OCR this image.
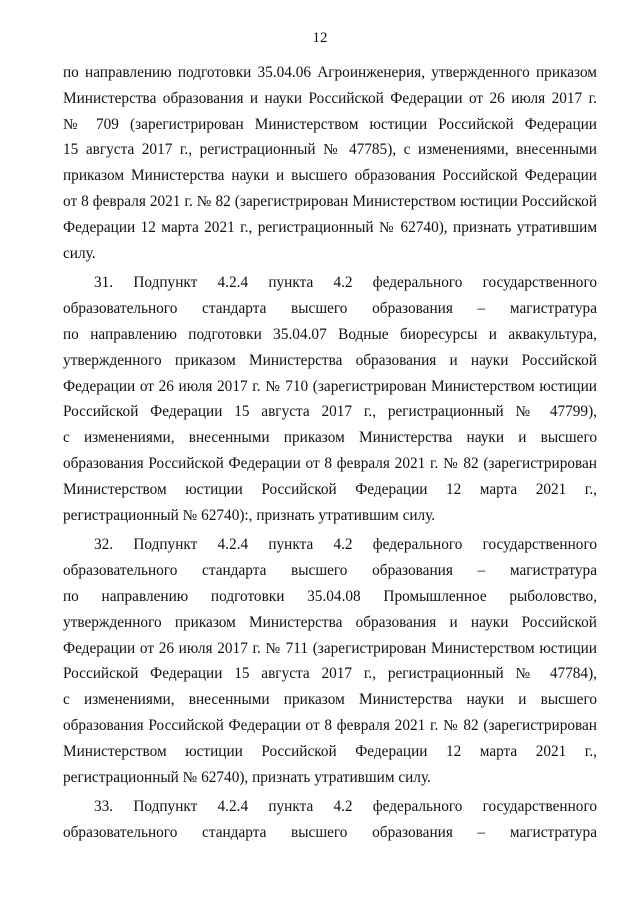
12
по направлению подготовки 35.04.06 Агроинженерия, утвержденного приказом
Министерства образования и науки Российской Федерации от 26 июля 2017 г.
№ 709 (зарегистрирован Министерством юстиции Российской Федерации
15 августа 2017 г., регистрационный № 47785), с изменениями, внесенными
приказом Министерства науки и высшего образования Российской Федерации
от 8 февраля 2021 г. № 82 (зарегистрирован Министерством юстиции Российской
Федерации 12 марта 2021 г., регистрационный № 62740), признать утратившим
силу.
31. Подпункт 4.2.4 пункта 4.2 федерального государственного
образовательного стандарта высшего образования – магистратура
по направлению подготовки 35.04.07 Водные биоресурсы и аквакультура,
утвержденного приказом Министерства образования и науки Российской
Федерации от 26 июля 2017 г. № 710 (зарегистрирован Министерством юстиции
Российской Федерации 15 августа 2017 г., регистрационный № 47799),
с изменениями, внесенными приказом Министерства науки и высшего
образования Российской Федерации от 8 февраля 2021 г. № 82 (зарегистрирован
Министерством юстиции Российской Федерации 12 марта 2021 г.,
регистрационный № 62740):, признать утратившим силу.
32. Подпункт 4.2.4 пункта 4.2 федерального государственного
образовательного стандарта высшего образования – магистратура
по направлению подготовки 35.04.08 Промышленное рыболовство,
утвержденного приказом Министерства образования и науки Российской
Федерации от 26 июля 2017 г. № 711 (зарегистрирован Министерством юстиции
Российской Федерации 15 августа 2017 г., регистрационный № 47784),
с изменениями, внесенными приказом Министерства науки и высшего
образования Российской Федерации от 8 февраля 2021 г. № 82 (зарегистрирован
Министерством юстиции Российской Федерации 12 марта 2021 г.,
регистрационный № 62740), признать утратившим силу.
33. Подпункт 4.2.4 пункта 4.2 федерального государственного
образовательного стандарта высшего образования – магистратура
